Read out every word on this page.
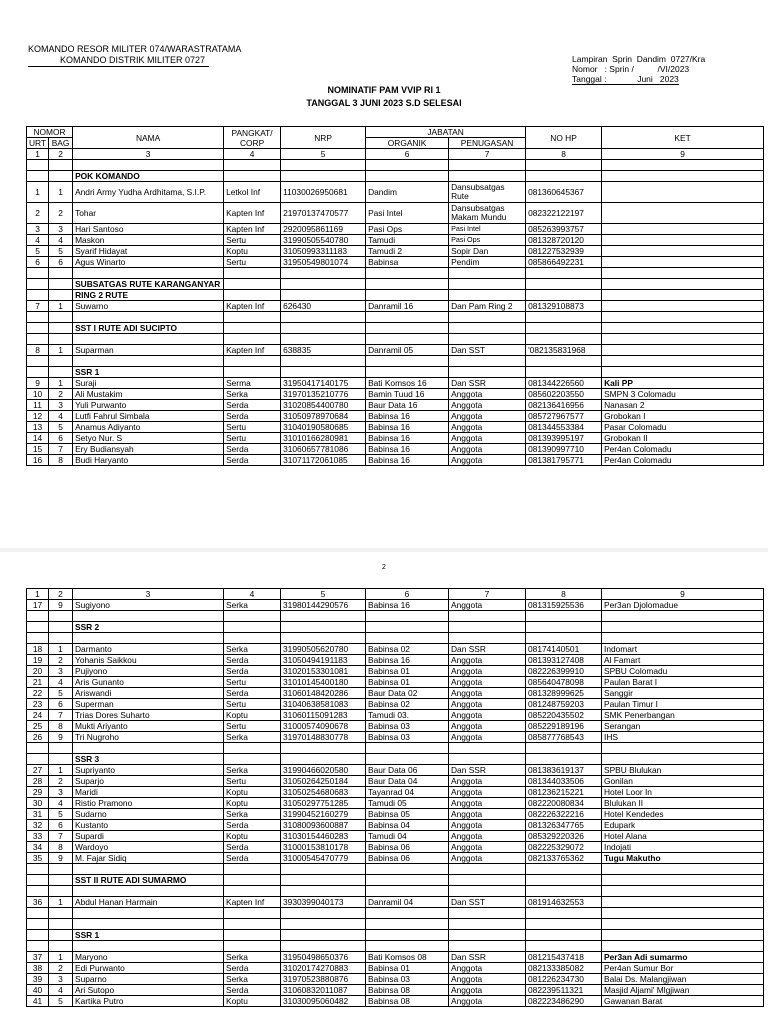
KOMANDO RESOR MILITER 074/WARASTRATAMA
KOMANDO DISTRIK MILITER 0727	Lampiran  Sprin  Dandim  0727/Kra
Nomor   : Sprin /          /VI/2023
Tanggal :             Juni   2023
NOMINATIF PAM VVIP RI 1
TANGGAL 3 JUNI 2023 S.D SELESAI
NOMOR		NAMA	PANGKAT/ CORP	NRP	JABATAN		NO HP	KET
URT	BAG				ORGANIK	PENUGASAN		
1	2	3	4	5	6	7	8	9

		POK KOMANDO						
1	1	Andri Army Yudha Ardhitama, S.I.P.	Letkol Inf	11030026950681	Dandim	Dansubsatgas Rute	081360645367	
2	2	Tohar	Kapten Inf	21970137470577	Pasi Intel	Dansubsatgas Makam Mundu	082322122197	
3	3	Hari Santoso	Kapten Inf	2920095861169	Pasi Ops	Pasi Intel	085263993757	
4	4	Maskon	Sertu	31990505540780	Tamudi	Pasi Ops	081328720120	
5	5	Syarif Hidayat	Koptu	31050993311183	Tamudi 2	Sopir Dan	081227532939	
6	6	Agus Winarto	Sertu	31950549801074	Babinsa	Pendim	085866492231	

		SUBSATGAS RUTE KARANGANYAR						
		RING 2 RUTE						
7	1	Suwarno	Kapten Inf	626430	Danramil 16	Dan Pam Ring 2	081329108873	

		SST I RUTE ADI SUCIPTO						

8	1	Suparman	Kapten Inf	638835	Danramil 05	Dan SST	'082135831968	

		SSR 1						
9	1	Suraji	Serma	31950417140175	Bati Komsos 16	Dan SSR	081344226560	Kali PP
10	2	Ali Mustakim	Serka	31970135210776	Bamin Tuud 16	Anggota	085602203550	SMPN 3 Colomadu
11	3	Yuli Purwanto	Serda	31020854400780	Baur Data 16	Anggota	082136416956	Nanasan 2
12	4	Lutfi Fahrul Simbala	Serda	31050978970684	Babinsa 16	Anggota	085727967577	Grobokan I
13	5	Anamus Adiyanto	Sertu	31040190580685	Babinsa 16	Anggota	081344553384	Pasar Colomadu
14	6	Setyo Nur. S	Sertu	31010166280981	Babinsa 16	Anggota	081393995197	Grobokan II
15	7	Ery Budiansyah	Serda	31060657781086	Babinsa 16	Anggota	081390997710	Per4an Colomadu
16	8	Budi Haryanto	Serda	31071172061085	Babinsa 16	Anggota	081381795771	Per4an Colomadu
2
1	2	3	4	5	6	7	8	9
17	9	Sugiyono	Serka	31980144290576	Babinsa 16	Anggota	081315925536	Per3an Djolomadue

		SSR 2						

18	1	Darmanto	Serka	31990505620780	Babinsa 02	Dan SSR	08174140501	Indomart
19	2	Yohanis Saikkou	Serda	31050494191183	Babinsa 16	Anggota	081393127408	Al Famart
20	3	Pujiyono	Serda	31020153301081	Babinsa 01	Anggota	082226399910	SPBU Colomadu
21	4	Aris Gunanto	Sertu	31010145400180	Babinsa 01	Anggota	085640478098	Paulan Barat I
22	5	Ariswandi	Serda	31060148420286	Baur Data 02	Anggota	081328999625	Sanggir
23	6	Superman	Sertu	31040638581083	Babinsa 02	Anggota	081248759203	Paulan Timur I
24	7	Trias Dores Suharto	Koptu	31060115091283	Tamudi 03.	Anggota	085220435502	SMK Penerbangan
25	8	Mukti Ariyanto	Sertu	31000574090678	Babinsa 03	Anggota	085229189196	Serangan
26	9	Tri Nugroho	Serka	31970148830778	Babinsa 03	Anggota	085877768543	IHS

		SSR 3						
27	1	Supriyanto	Serka	31990466020580	Baur Data 06	Dan SSR	081383619137	SPBU Blulukan
28	2	Suparjo	Sertu	31050264250184	Baur Data 04	Anggota	081344033506	Gonilan
29	3	Maridi	Koptu	31050254680683	Tayanrad 04	Anggota	081236215221	Hotel Loor In
30	4	Ristio Pramono	Koptu	31050297751285	Tamudi 05	Anggota	082220080834	Blulukan II
31	5	Sudarno	Serka	31990452160279	Babinsa 05	Anggota	082226322216	Hotel Kendedes
32	6	Kustanto	Serda	31080093600887	Babinsa 04	Anggota	081326347765	Edupark
33	7	Supardi	Koptu	31030154460283	Tamudi 04	Anggota	085329220326	Hotel Alana
34	8	Wardoyo	Serda	31000153810178	Babinsa 06	Anggota	082225329072	Indojati
35	9	M. Fajar Sidiq	Serda	31000545470779	Babinsa 06	Anggota	082133765362	Tugu Makutho

		SST II RUTE ADI SUMARMO						

36	1	Abdul Hanan Harmain	Kapten Inf	3930399040173	Danramil 04	Dan SST	081914632553	

		SSR 1						

37	1	Maryono	Serka	31950498650376	Bati Komsos 08	Dan SSR	081215437418	Per3an Adi sumarmo
38	2	Edi Purwanto	Serda	31020174270883	Babinsa 01	Anggota	082133385082	Per4an Sumur Bor
39	3	Suparno	Serka	31970523880876	Babinsa 03	Anggota	081226234730	Balai Ds. Malangjiwan
40	4	Ari Sutopo	Serda	31060832011087	Babinsa 08	Anggota	082239511321	Masjid Aljami' Mlgjiwan
41	5	Kartika Putro	Koptu	31030095060482	Babinsa 08	Anggota	082223486290	Gawanan Barat
